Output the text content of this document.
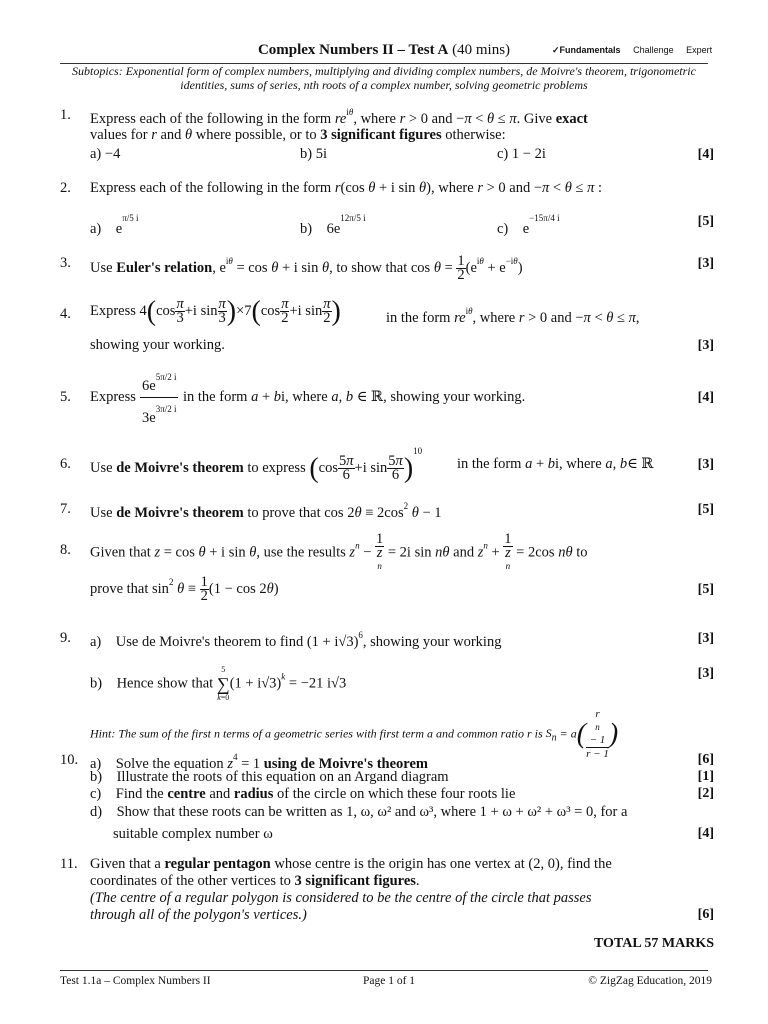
Complex Numbers II – Test A (40 mins)	✓Fundamentals Challenge Expert
Subtopics: Exponential form of complex numbers, multiplying and dividing complex numbers, de Moivre's theorem, trigonometric identities, sums of series, nth roots of a complex number, solving geometric problems
1. Express each of the following in the form $re^{i\theta}$, where r > 0 and −π < θ ≤ π. Give exact
values for r and θ where possible, or to 3 significant figures otherwise:
a) −4	b) 5i	c) 1 − 2i	[4]
2. Express each of the following in the form r(cos θ + i sin θ), where r > 0 and −π < θ ≤ π :
a)    $e^{\pi/5 i}$
b)    $6e^{12\pi/5 i}$
c)    $e^{-15\pi/4 i}$	[5]
3. Use Euler's relation, $e^{i\theta} = \cos \theta + i$ sin θ, to show that $\cos \theta = \frac{1}{2} (e^{i\theta} + e^{-i\theta})$	[3]
4. Express $4(\cos \frac{\pi}{3} +i$ $\sin \frac{\pi}{3} )\times 7(\cos \frac{\pi}{2} +i$ $\sin \frac{\pi}{2}$ )	in the form $re^{i\theta}$, where r > 0 and −π < θ ≤ π,
showing your working.	[3]
5. Express
$6e^{5\pi/2 i}$
$3e^{3\pi/2 i}$
in the form a + bi, where a, b ∈ ℝ, showing your working.	[4]
6. Use de Moivre's theorem to express ($\cos \frac{5\pi}{6} +i$ $\sin \frac{5\pi}{6} )^{10}$
in the form a + bi, where a, b∈ ℝ	[3]
7. Use de Moivre's theorem to prove that $\cos 2\theta \equiv 2\cos^2$ θ − 1	[5]
8. Given that z = cos θ + i sin θ, use the results $z^n - 1$
z
n = 2i sin nθ and $z^n + 1$
z
n = 2cos nθ to
prove that $\sin^2 \theta \equiv \frac{1}{2} (1 - \cos 2\theta)$	[5]
9. a)    Use de Moivre's theorem to find $(1 + i√3)^6$, showing your working	[3]
b)    Hence show that
5
∑
k=0
$(1 + i√3)^k = -21$ i√3
[3]
Hint: The sum of the first n terms of a geometric series with first term a and common ratio r is $S_n = a$( r
n
− 1
r − 1 )
10. a)    Solve the equation $z^4 = 1$ using de Moivre's theorem	[6]
b)    Illustrate the roots of this equation on an Argand diagram	[1]
c)    Find the centre and radius of the circle on which these four roots lie	[2]
d)    Show that these roots can be written as 1, ω, ω² and ω³, where 1 + ω + ω² + ω³ = 0, for a
suitable complex number ω	[4]
11. Given that a regular pentagon whose centre is the origin has one vertex at (2, 0), find the
coordinates of the other vertices to 3 significant figures.
(The centre of a regular polygon is considered to be the centre of the circle that passes
through all of the polygon's vertices.)	[6]
TOTAL 57 MARKS
Test 1.1a – Complex Numbers II	Page 1 of 1	© ZigZag Education, 2019
